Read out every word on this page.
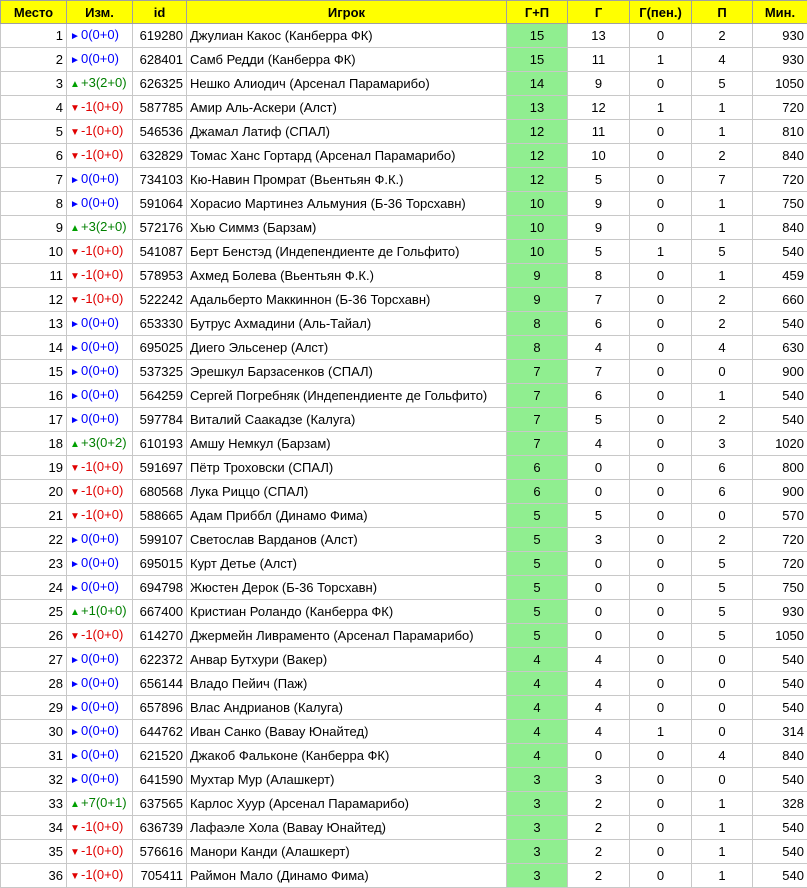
Место	Изм.	id	Игрок	Г+П	Г	Г(пен.)	П	Мин.
1	►0(0+0)	619280	Джулиан Какос (Канберра ФК)	15	13	0	2	930
2	►0(0+0)	628401	Самб Редди (Канберра ФК)	15	11	1	4	930
3	▲+3(2+0)	626325	Нешко Алиодич (Арсенал Парамарибо)	14	9	0	5	1050
4	▼-1(0+0)	587785	Амир Аль-Аскери (Алст)	13	12	1	1	720
5	▼-1(0+0)	546536	Джамал Латиф (СПАЛ)	12	11	0	1	810
6	▼-1(0+0)	632829	Томас Ханс Гортард (Арсенал Парамарибо)	12	10	0	2	840
7	►0(0+0)	734103	Кю-Навин Промрат (Вьентьян Ф.К.)	12	5	0	7	720
8	►0(0+0)	591064	Хорасио Мартинез Альмуния (Б-36 Торсхавн)	10	9	0	1	750
9	▲+3(2+0)	572176	Хью Симмз (Барзам)	10	9	0	1	840
10	▼-1(0+0)	541087	Берт Бенстэд (Индепендиенте де Гольфито)	10	5	1	5	540
11	▼-1(0+0)	578953	Ахмед Болева (Вьентьян Ф.К.)	9	8	0	1	459
12	▼-1(0+0)	522242	Адальберто Маккиннон (Б-36 Торсхавн)	9	7	0	2	660
13	►0(0+0)	653330	Бутрус Ахмадини (Аль-Тайал)	8	6	0	2	540
14	►0(0+0)	695025	Диего Эльсенер (Алст)	8	4	0	4	630
15	►0(0+0)	537325	Эрешкул Барзасенков (СПАЛ)	7	7	0	0	900
16	►0(0+0)	564259	Сергей Погребняк (Индепендиенте де Гольфито)	7	6	0	1	540
17	►0(0+0)	597784	Виталий Саакадзе (Калуга)	7	5	0	2	540
18	▲+3(0+2)	610193	Амшу Немкул (Барзам)	7	4	0	3	1020
19	▼-1(0+0)	591697	Пётр Троховски (СПАЛ)	6	0	0	6	800
20	▼-1(0+0)	680568	Лука Риццо (СПАЛ)	6	0	0	6	900
21	▼-1(0+0)	588665	Адам Приббл (Динамо Фима)	5	5	0	0	570
22	►0(0+0)	599107	Светослав Варданов (Алст)	5	3	0	2	720
23	►0(0+0)	695015	Курт Детье (Алст)	5	0	0	5	720
24	►0(0+0)	694798	Жюстен Дерок (Б-36 Торсхавн)	5	0	0	5	750
25	▲+1(0+0)	667400	Кристиан Роландо (Канберра ФК)	5	0	0	5	930
26	▼-1(0+0)	614270	Джермейн Ливраменто (Арсенал Парамарибо)	5	0	0	5	1050
27	►0(0+0)	622372	Анвар Бутхури (Вакер)	4	4	0	0	540
28	►0(0+0)	656144	Владо Пейич (Паж)	4	4	0	0	540
29	►0(0+0)	657896	Влас Андрианов (Калуга)	4	4	0	0	540
30	►0(0+0)	644762	Иван Санко (Вавау Юнайтед)	4	4	1	0	314
31	►0(0+0)	621520	Джакоб Фальконе (Канберра ФК)	4	0	0	4	840
32	►0(0+0)	641590	Мухтар Мур (Алашкерт)	3	3	0	0	540
33	▲+7(0+1)	637565	Карлос Хуур (Арсенал Парамарибо)	3	2	0	1	328
34	▼-1(0+0)	636739	Лафаэле Хола (Вавау Юнайтед)	3	2	0	1	540
35	▼-1(0+0)	576616	Манори Канди (Алашкерт)	3	2	0	1	540
36	▼-1(0+0)	705411	Раймон Мало (Динамо Фима)	3	2	0	1	540
